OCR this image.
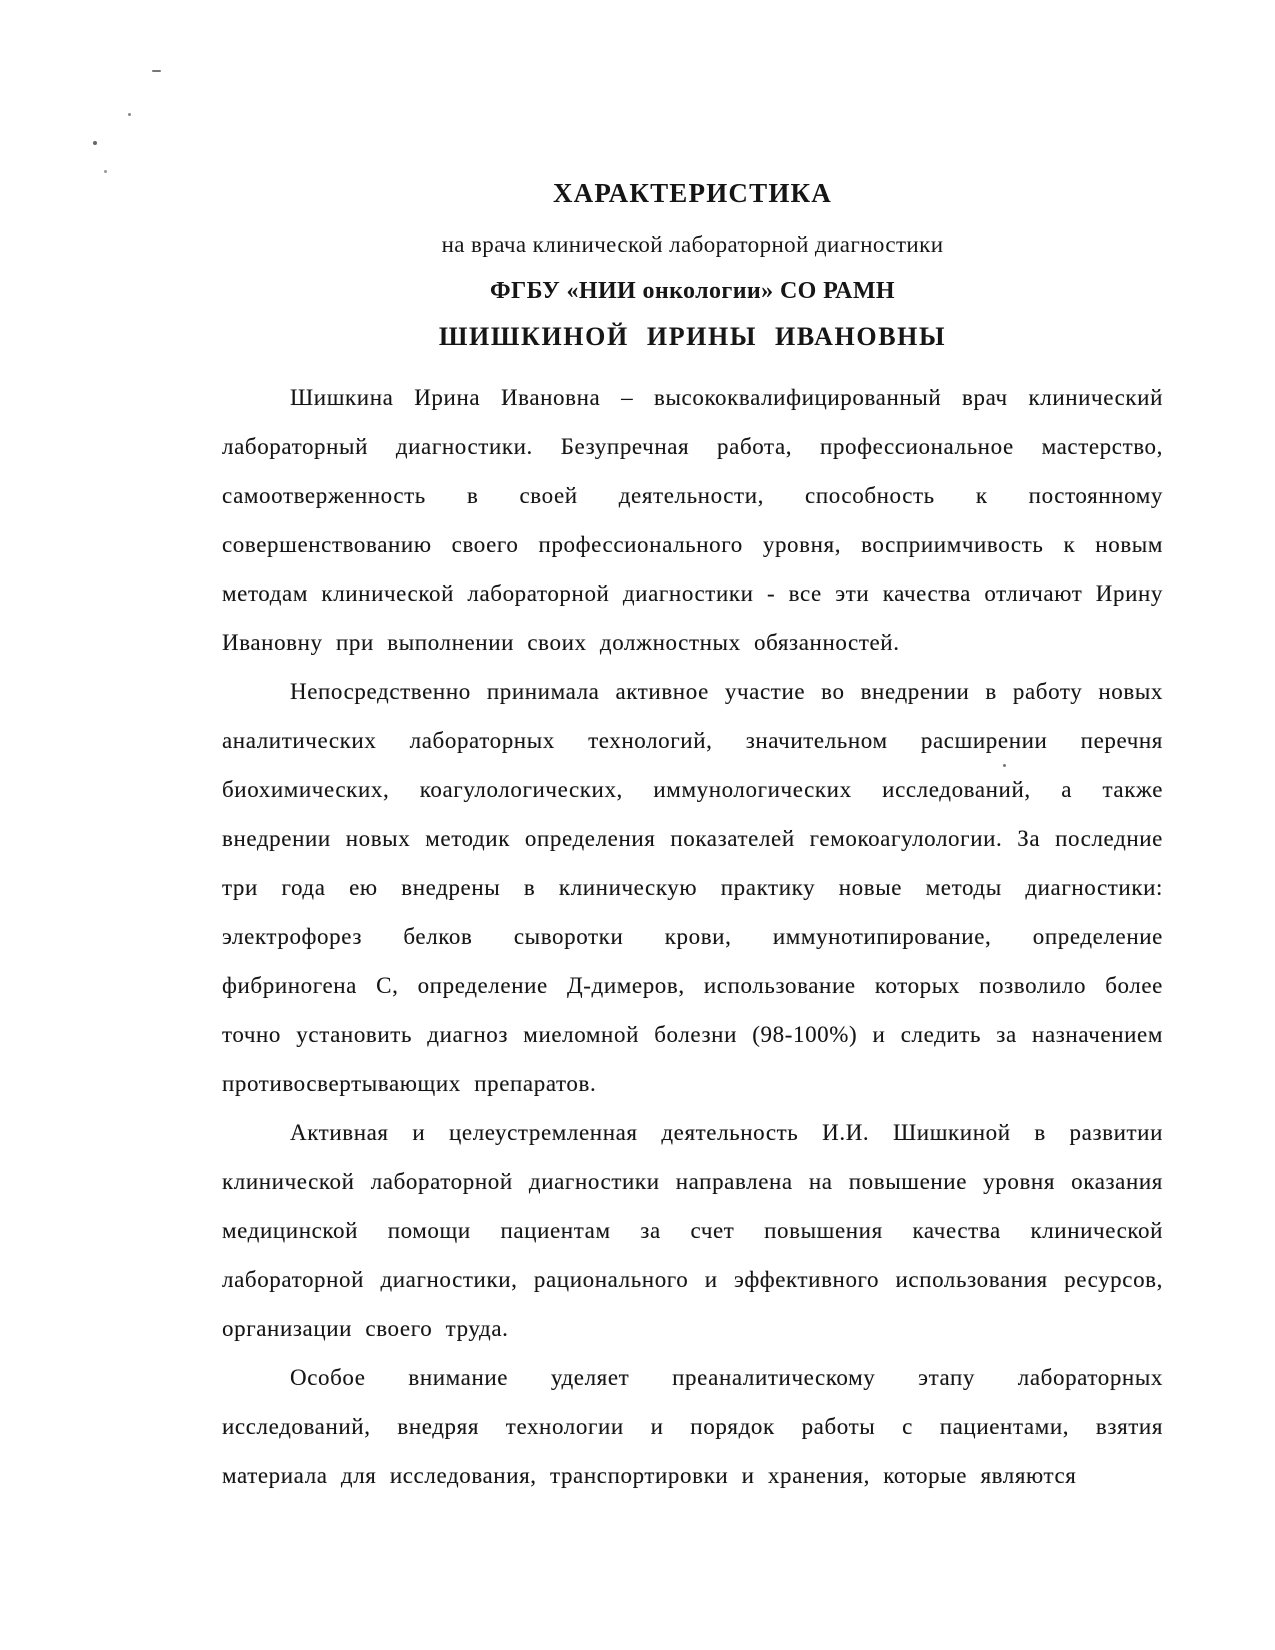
ХАРАКТЕРИСТИКА
на врача клинической лабораторной диагностики
ФГБУ «НИИ онкологии» СО РАМН
ШИШКИНОЙ ИРИНЫ ИВАНОВНЫ

Шишкина Ирина Ивановна – высококвалифицированный врач клинический лабораторный диагностики. Безупречная работа, профессиональное мастерство, самоотверженность в своей деятельности, способность к постоянному совершенствованию своего профессионального уровня, восприимчивость к новым методам клинической лабораторной диагностики - все эти качества отличают Ирину Ивановну при выполнении своих должностных обязанностей.

Непосредственно принимала активное участие во внедрении в работу новых аналитических лабораторных технологий, значительном расширении перечня биохимических, коагулологических, иммунологических исследований, а также внедрении новых методик определения показателей гемокоагулологии. За последние три года ею внедрены в клиническую практику новые методы диагностики: электрофорез белков сыворотки крови, иммунотипирование, определение фибриногена С, определение Д-димеров, использование которых позволило более точно установить диагноз миеломной болезни (98-100%) и следить за назначением противосвертывающих препаратов.

Активная и целеустремленная деятельность И.И. Шишкиной в развитии клинической лабораторной диагностики направлена на повышение уровня оказания медицинской помощи пациентам за счет повышения качества клинической лабораторной диагностики, рационального и эффективного использования ресурсов, организации своего труда.

Особое внимание уделяет преаналитическому этапу лабораторных исследований, внедряя технологии и порядок работы с пациентами, взятия материала для исследования, транспортировки и хранения, которые являются
